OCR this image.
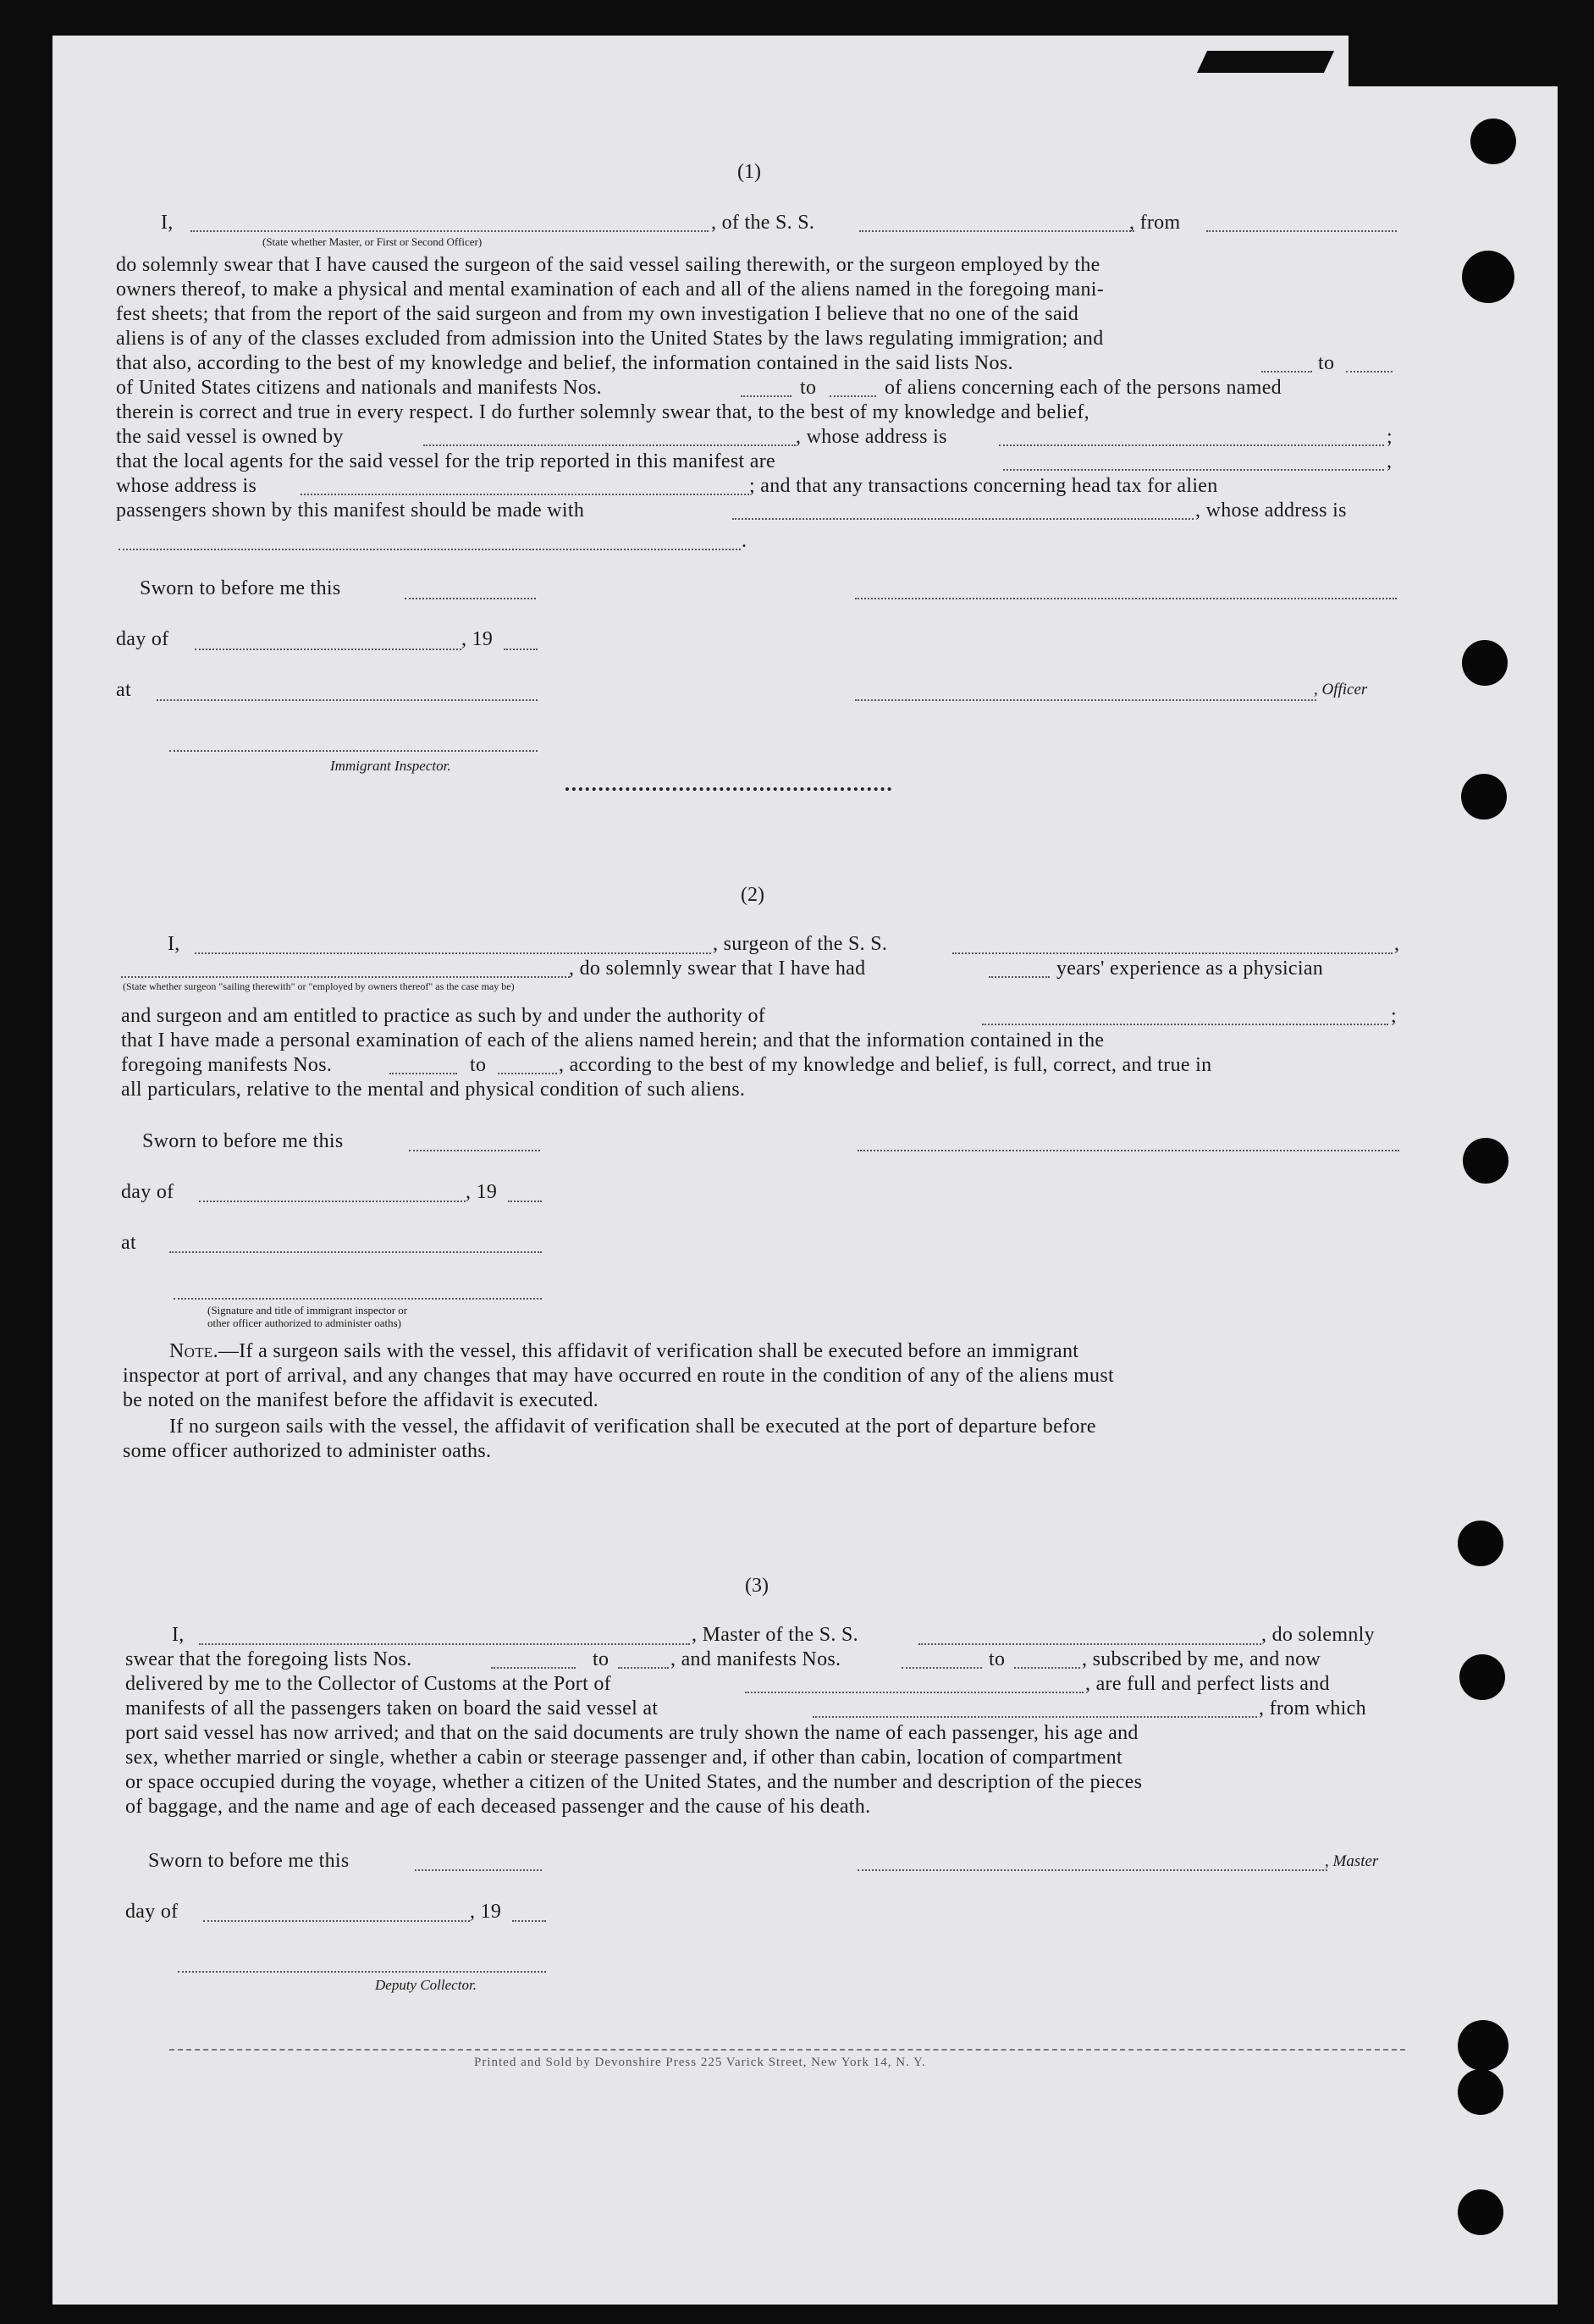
(1)
I,	, of the S. S.	, from
(State whether Master, or First or Second Officer)
do solemnly swear that I have caused the surgeon of the said vessel sailing therewith, or the surgeon employed by the
owners thereof, to make a physical and mental examination of each and all of the aliens named in the foregoing mani-
fest sheets; that from the report of the said surgeon and from my own investigation I believe that no one of the said
aliens is of any of the classes excluded from admission into the United States by the laws regulating immigration; and
that also, according to the best of my knowledge and belief, the information contained in the said lists Nos.	to
of United States citizens and nationals and manifests Nos.	to	of aliens concerning each of the persons named
therein is correct and true in every respect. I do further solemnly swear that, to the best of my knowledge and belief,
the said vessel is owned by	, whose address is	;
that the local agents for the said vessel for the trip reported in this manifest are	,
whose address is	; and that any transactions concerning head tax for alien
passengers shown by this manifest should be made with	, whose address is
.
Sworn to before me this
day of	, 19
at	, Officer
Immigrant Inspector.
(2)
I,	, surgeon of the S. S.	,
, do solemnly swear that I have had	years' experience as a physician
(State whether surgeon "sailing therewith" or "employed by owners thereof" as the case may be)
and surgeon and am entitled to practice as such by and under the authority of	;
that I have made a personal examination of each of the aliens named herein; and that the information contained in the
foregoing manifests Nos.	to	, according to the best of my knowledge and belief, is full, correct, and true in
all particulars, relative to the mental and physical condition of such aliens.
Sworn to before me this
day of	, 19
at
(Signature and title of immigrant inspector or
other officer authorized to administer oaths)
Note.—If a surgeon sails with the vessel, this affidavit of verification shall be executed before an immigrant
inspector at port of arrival, and any changes that may have occurred en route in the condition of any of the aliens must
be noted on the manifest before the affidavit is executed.
If no surgeon sails with the vessel, the affidavit of verification shall be executed at the port of departure before
some officer authorized to administer oaths.
(3)
I,	, Master of the S. S.	, do solemnly
swear that the foregoing lists Nos.	to	, and manifests Nos.	to	, subscribed by me, and now
delivered by me to the Collector of Customs at the Port of	, are full and perfect lists and
manifests of all the passengers taken on board the said vessel at	, from which
port said vessel has now arrived; and that on the said documents are truly shown the name of each passenger, his age and
sex, whether married or single, whether a cabin or steerage passenger and, if other than cabin, location of compartment
or space occupied during the voyage, whether a citizen of the United States, and the number and description of the pieces
of baggage, and the name and age of each deceased passenger and the cause of his death.
Sworn to before me this	, Master
day of	, 19
Deputy Collector.
Printed and Sold by Devonshire Press 225 Varick Street, New York 14, N. Y.
